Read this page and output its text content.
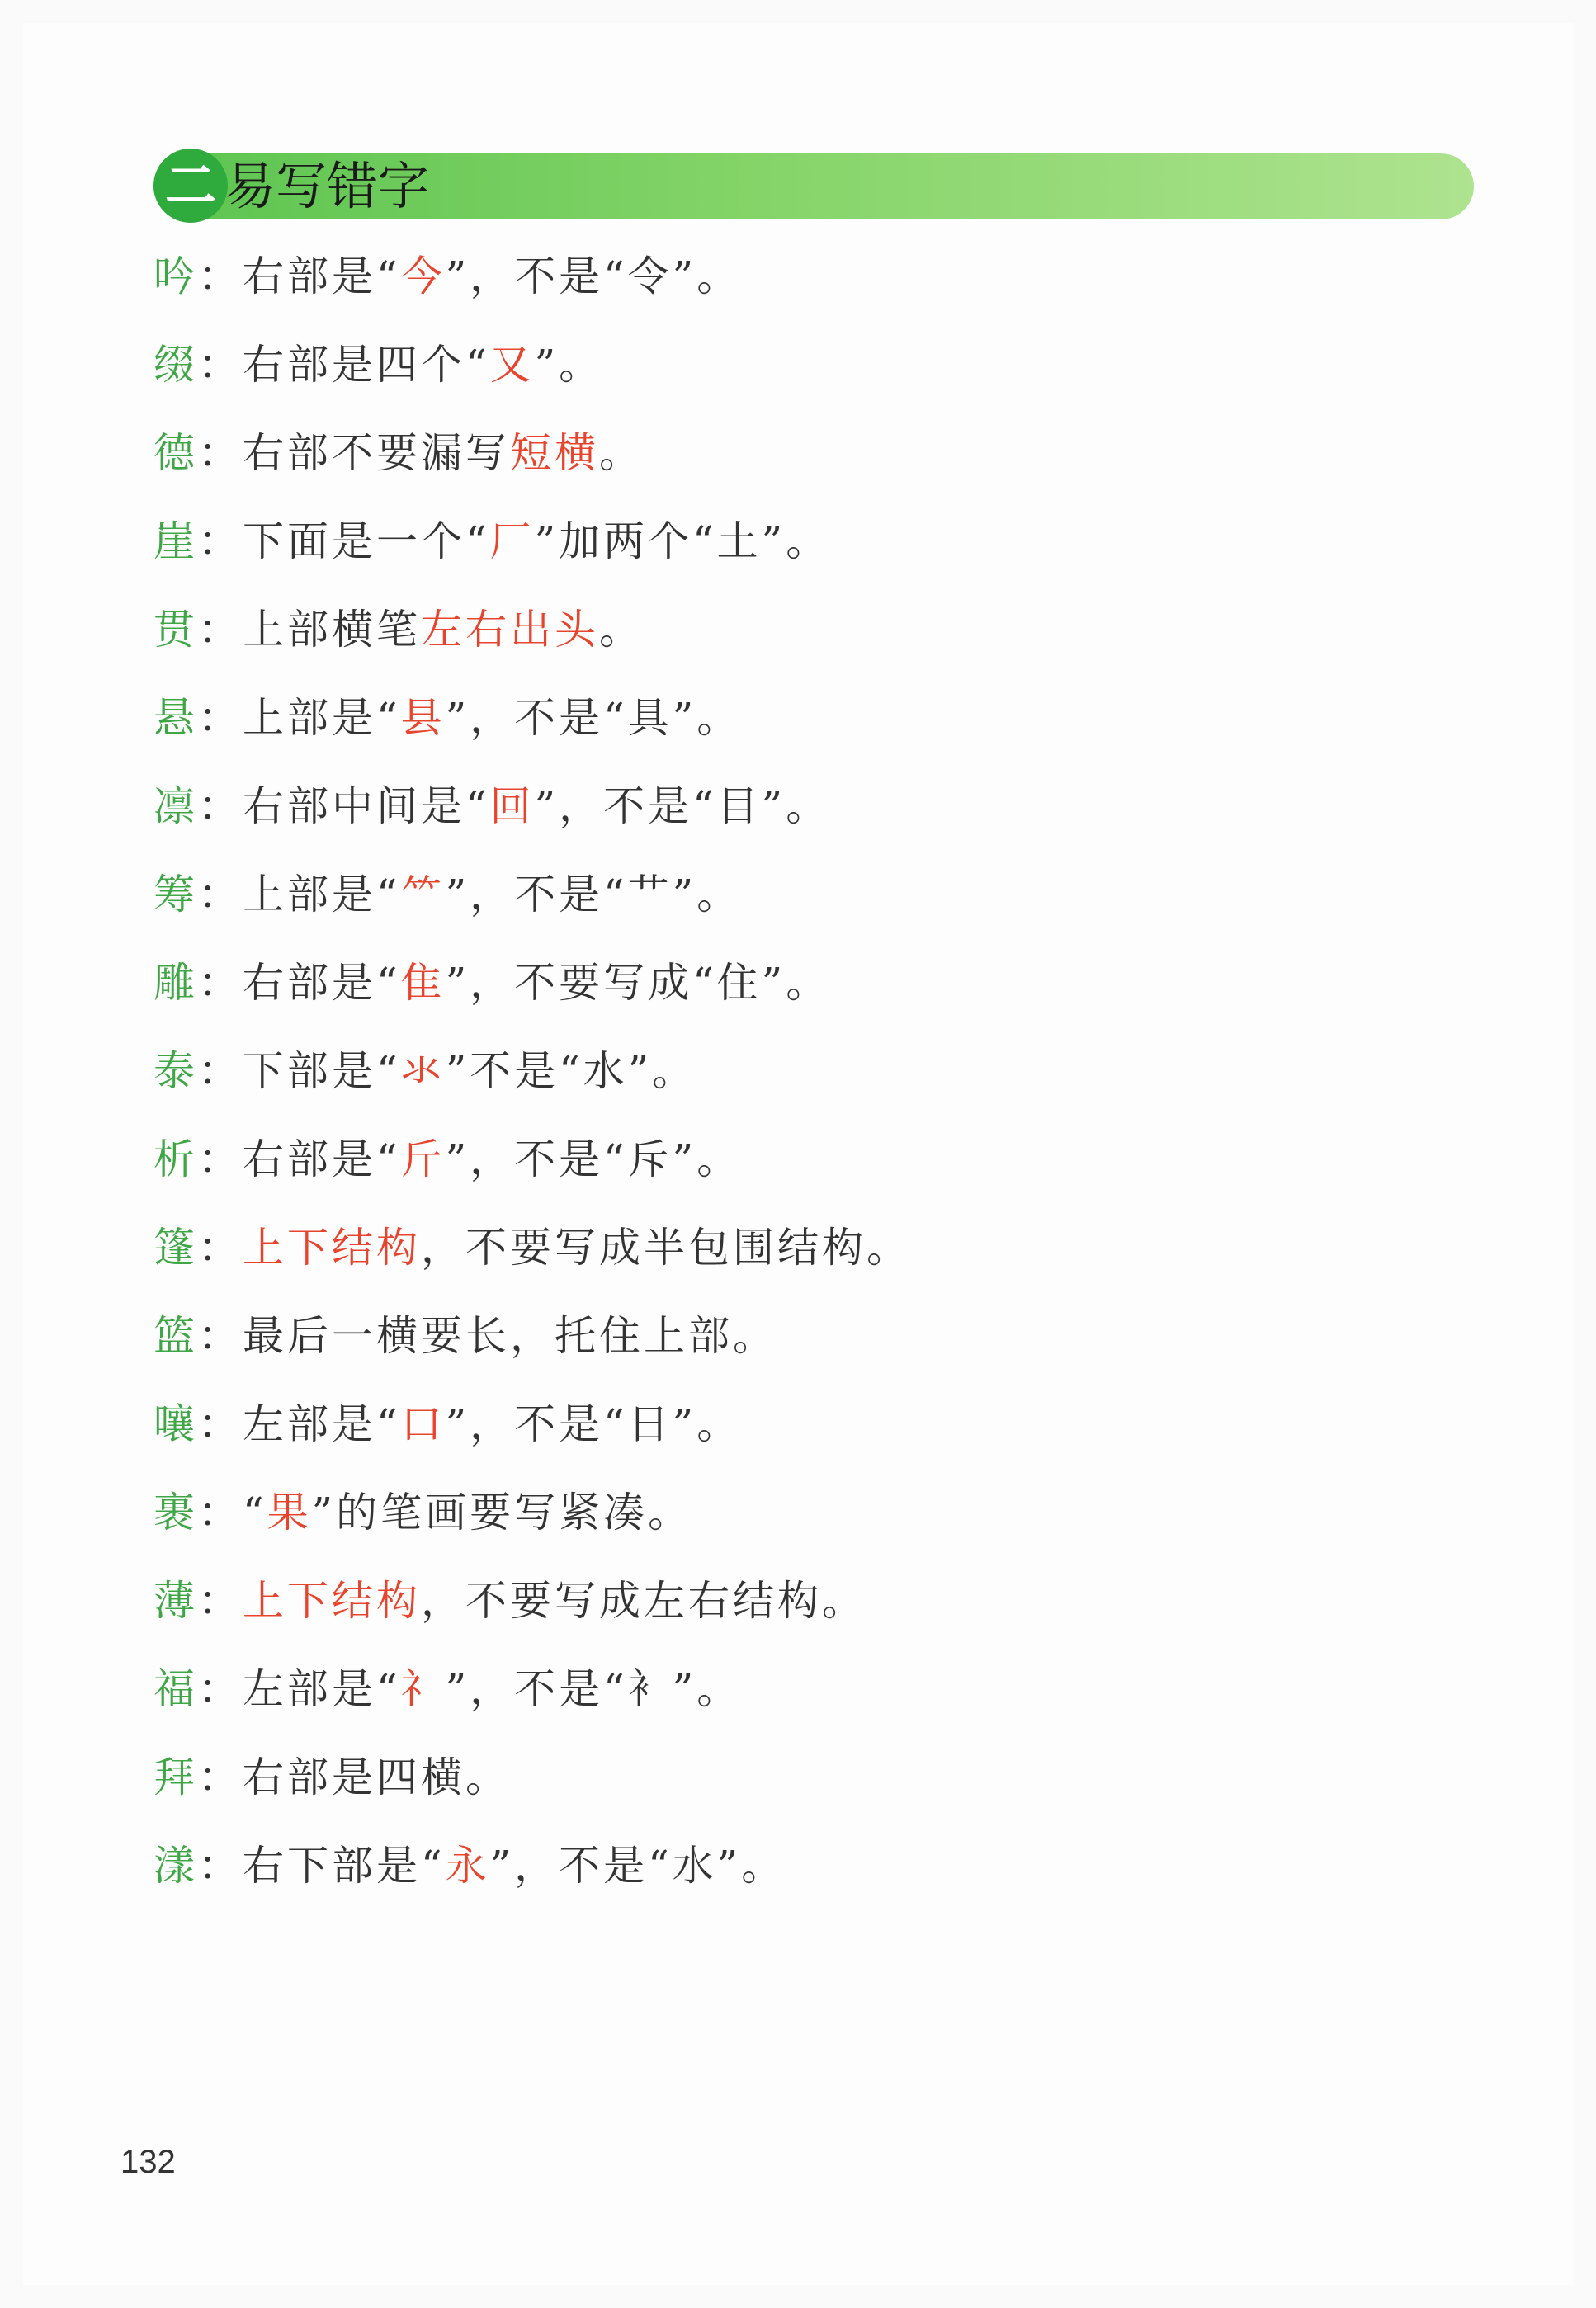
二 易写错字
吟：右部是“今”，不是“令”。
缀：右部是四个“又”。
德：右部不要漏写短横。
崖：下面是一个“厂”加两个“土”。
贯：上部横笔左右出头。
悬：上部是“县”，不是“具”。
凛：右部中间是“回”，不是“目”。
筹：上部是“⺮”，不是“艹”。
雕：右部是“隹”，不要写成“住”。
泰：下部是“氺”不是“水”。
析：右部是“斤”，不是“斥”。
篷：上下结构，不要写成半包围结构。
篮：最后一横要长，托住上部。
嚷：左部是“口”，不是“日”。
裹：“果”的笔画要写紧凑。
薄：上下结构，不要写成左右结构。
福：左部是“礻”，不是“衤”。
拜：右部是四横。
漾：右下部是“永”，不是“水”。
132
